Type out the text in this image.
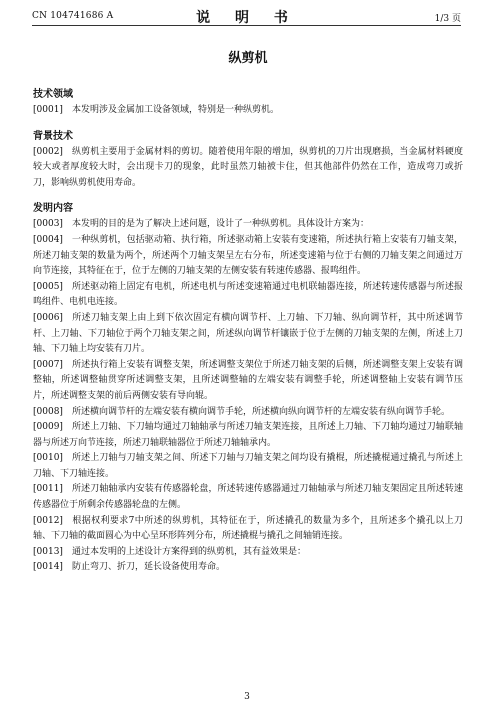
CN 104741686 A	说 明 书	1/3 页
纵剪机
技术领域

[0001] 本发明涉及金属加工设备领域，特别是一种纵剪机。

背景技术

[0002] 纵剪机主要用于金属材料的剪切。随着使用年限的增加，纵剪机的刀片出现磨损，当金属材料硬度较大或者厚度较大时，会出现卡刀的现象，此时虽然刀轴被卡住，但其他部件仍然在工作，造成弯刀或折刀，影响纵剪机使用寿命。

发明内容

[0003] 本发明的目的是为了解决上述问题，设计了一种纵剪机。具体设计方案为：

[0004] 一种纵剪机，包括驱动箱、执行箱，所述驱动箱上安装有变速箱，所述执行箱上安装有刀轴支架，所述刀轴支架的数量为两个，所述两个刀轴支架呈左右分布，所述变速箱与位于右侧的刀轴支架之间通过万向节连接，其特征在于，位于左侧的刀轴支架的左侧安装有转速传感器、报鸣组件。

[0005] 所述驱动箱上固定有电机，所述电机与所述变速箱通过电机联轴器连接，所述转速传感器与所述报鸣组件、电机电连接。

[0006] 所述刀轴支架上由上到下依次固定有横向调节杆、上刀轴、下刀轴、纵向调节杆，其中所述调节杆、上刀轴、下刀轴位于两个刀轴支架之间，所述纵向调节杆镶嵌于位于左侧的刀轴支架的左侧，所述上刀轴、下刀轴上均安装有刀片。

[0007] 所述执行箱上安装有调整支架，所述调整支架位于所述刀轴支架的后侧，所述调整支架上安装有调整轴，所述调整轴贯穿所述调整支架，且所述调整轴的左端安装有调整手轮，所述调整轴上安装有调节压片，所述调整支架的前后两侧安装有导向辊。

[0008] 所述横向调节杆的左端安装有横向调节手轮，所述横向纵向调节杆的左端安装有纵向调节手轮。

[0009] 所述上刀轴、下刀轴均通过刀轴轴承与所述刀轴支架连接，且所述上刀轴、下刀轴均通过刀轴联轴器与所述万向节连接，所述刀轴联轴器位于所述刀轴轴承内。

[0010] 所述上刀轴与刀轴支架之间、所述下刀轴与刀轴支架之间均设有撬棍，所述撬棍通过撬孔与所述上刀轴、下刀轴连接。

[0011] 所述刀轴轴承内安装有传感器轮盘，所述转速传感器通过刀轴轴承与所述刀轴支架固定且所述转速传感器位于所剩余传感器轮盘的左侧。

[0012] 根据权利要求7中所述的纵剪机，其特征在于，所述撬孔的数量为多个，且所述多个撬孔以上刀轴、下刀轴的截面圆心为中心呈环形阵列分布，所述撬棍与撬孔之间轴销连接。

[0013] 通过本发明的上述设计方案得到的纵剪机，其有益效果是：

[0014] 防止弯刀、折刀，延长设备使用寿命。

3
